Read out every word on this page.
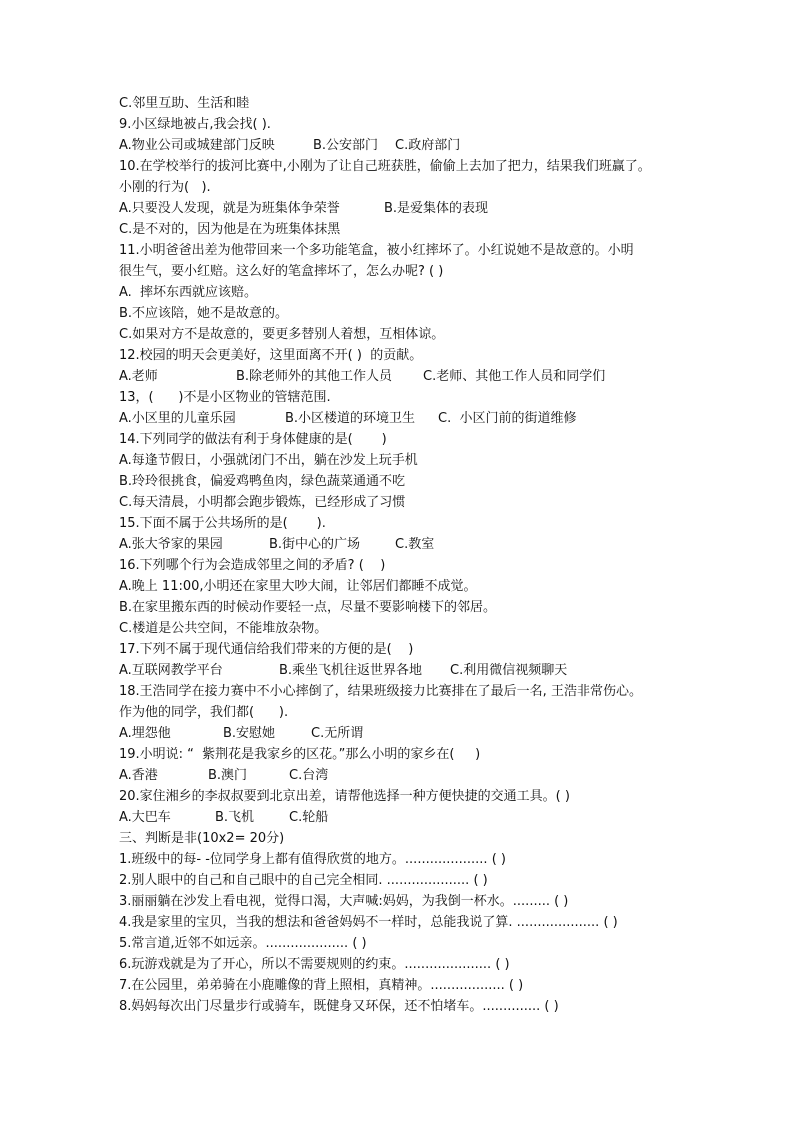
C.邻里互助、生活和睦
9.小区绿地被占,我会找( ).
A.物业公司或城建部门反映	B.公安部门 C.政府部门
10.在学校举行的拔河比赛中,小刚为了让自己班获胜，偷偷上去加了把力，结果我们班赢了。
小刚的行为(   ).
A.只要没人发现，就是为班集体争荣誉	B.是爱集体的表现
C.是不对的，因为他是在为班集体抹黑
11.小明爸爸出差为他带回来一个多功能笔盒，被小红摔坏了。小红说她不是故意的。小明
很生气，要小红赔。这么好的笔盒摔坏了，怎么办呢? ( )
A.  摔坏东西就应该赔。
B.不应该陪，她不是故意的。
C.如果对方不是故意的，要更多替别人着想，互相体谅。
12.校园的明天会更美好，这里面离不开( )  的贡献。
A.老师	B.除老师外的其他工作人员 C.老师、其他工作人员和同学们
13，(      )不是小区物业的管辖范围.
A.小区里的儿童乐园	B.小区楼道的环境卫生 C.  小区门前的街道维修
14.下列同学的做法有利于身体健康的是(       )
A.每逢节假日，小强就闭门不出，躺在沙发上玩手机
B.玲玲很挑食，偏爱鸡鸭鱼肉，绿色蔬菜通通不吃
C.每天清晨，小明都会跑步锻炼，已经形成了习惯
15.下面不属于公共场所的是(       ).
A.张大爷家的果园	B.街中心的广场	C.教室
16.下列哪个行为会造成邻里之间的矛盾? (    )
A.晚上 11:00,小明还在家里大吵大闹，让邻居们都睡不成觉。
B.在家里搬东西的时候动作要轻一点，尽量不要影响楼下的邻居。
C.楼道是公共空间，不能堆放杂物。
17.下列不属于现代通信给我们带来的方便的是(    )
A.互联网教学平台	B.乘坐飞机往返世界各地 C.利用微信视频聊天
18.王浩同学在接力赛中不小心摔倒了，结果班级接力比赛排在了最后一名, 王浩非常伤心。
作为他的同学，我们都(      ).
A.埋怨他	B.安慰她	C.无所谓
19.小明说: “  紫荆花是我家乡的区花。”那么小明的家乡在(     )
A.香港	B.澳门	C.台湾
20.家住湘乡的李叔叔要到北京出差，请帮他选择一种方便快捷的交通工具。( )
A.大巴车	B.飞机	C.轮船
三、判断是非(10x2= 20分)
1.班级中的每- -位同学身上都有值得欣赏的地方。.................... ( )
2.别人眼中的自己和自己眼中的自己完全相同. .................... ( )
3.丽丽躺在沙发上看电视，觉得口渴，大声喊:妈妈，为我倒一杯水。......... ( )
4.我是家里的宝贝，当我的想法和爸爸妈妈不一样时，总能我说了算. .................... ( )
5.常言道,近邻不如远亲。.................... ( )
6.玩游戏就是为了开心，所以不需要规则的约束。..................... ( )
7.在公园里，弟弟骑在小鹿雕像的背上照相，真精神。.................. ( )
8.妈妈每次出门尽量步行或骑车，既健身又环保，还不怕堵车。.............. ( )
